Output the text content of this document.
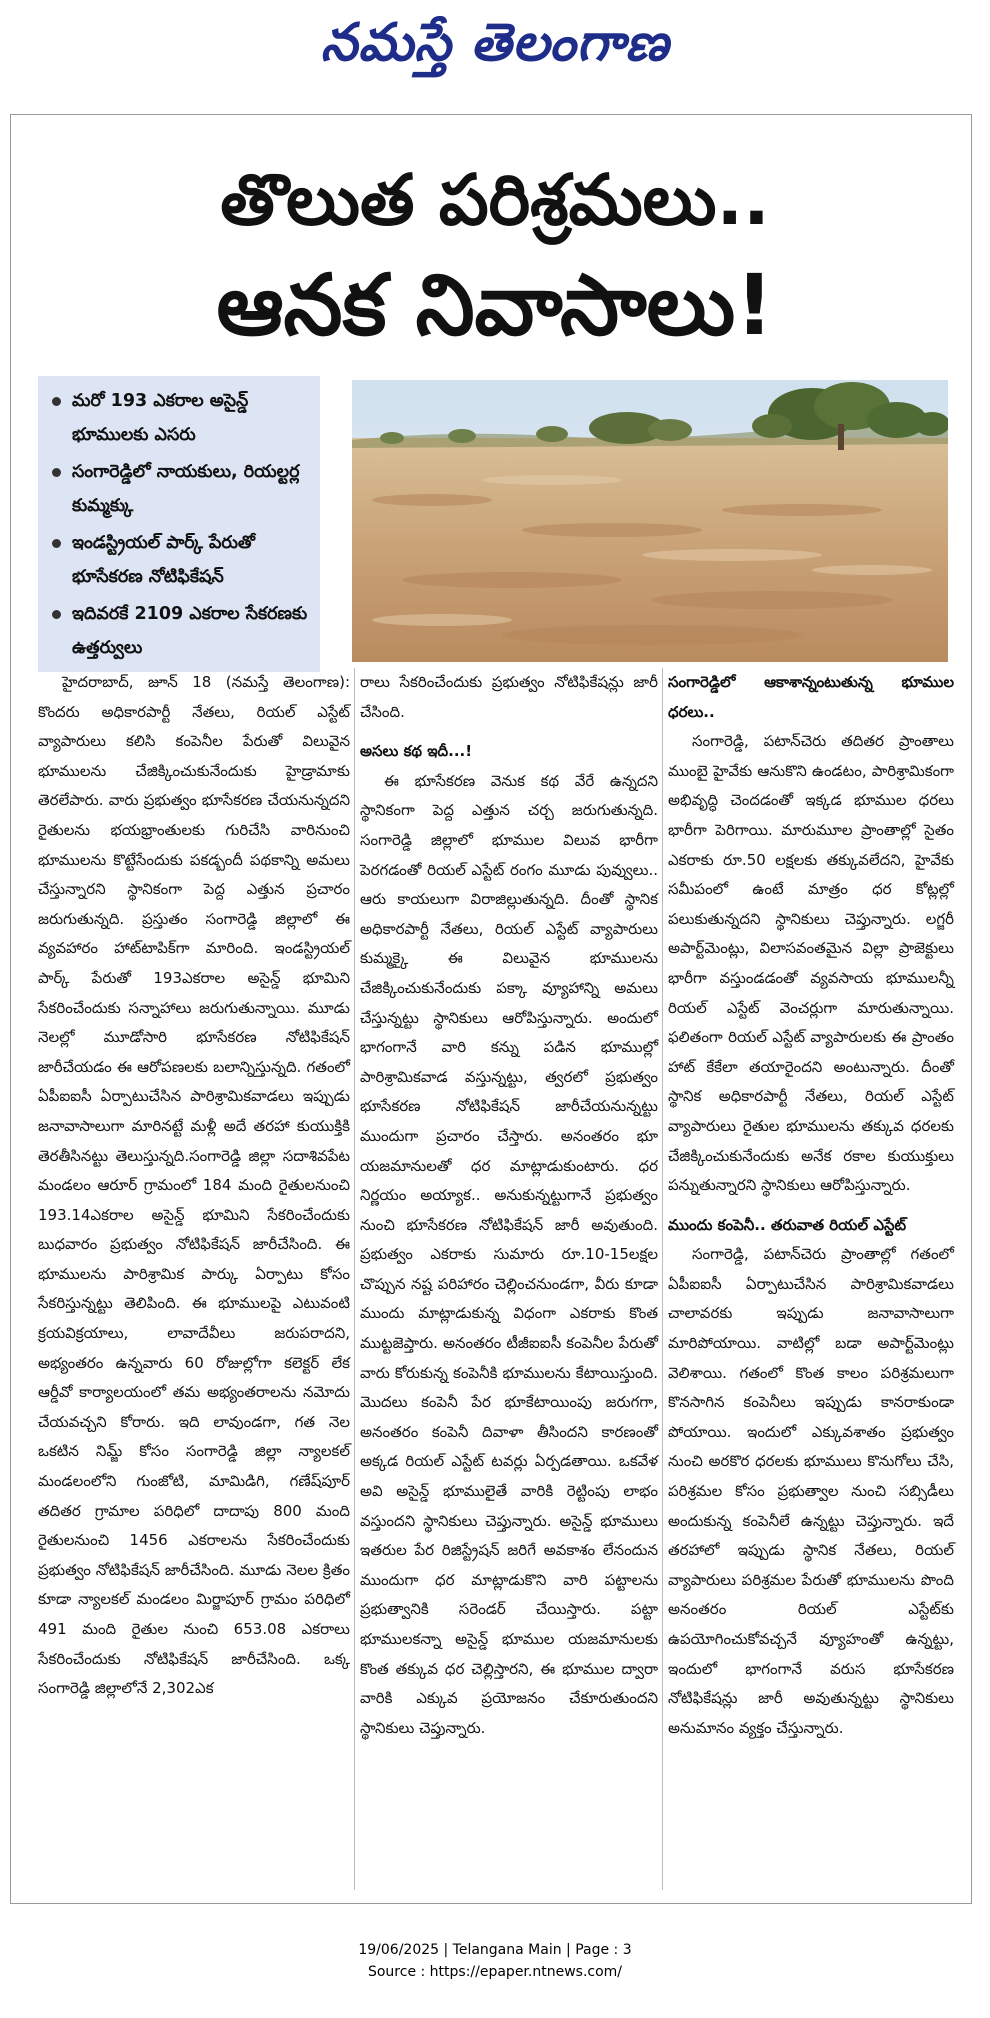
నమస్తే తెలంగాణ
తొలుత పరిశ్రమలు..
ఆనక నివాసాలు!
మరో 193 ఎకరాల అసైన్డ్ భూములకు ఎసరు
సంగారెడ్డిలో నాయకులు, రియల్టర్ల కుమ్మక్కు
ఇండస్ట్రియల్ పార్క్ పేరుతో భూసేకరణ నోటిఫికేషన్
ఇదివరకే 2109 ఎకరాల సేకరణకు ఉత్తర్వులు

హైదరాబాద్, జూన్ 18 (నమస్తే తెలంగాణ): కొందరు అధికారపార్టీ నేతలు, రియల్ ఎస్టేట్ వ్యాపారులు కలిసి కంపెనీల పేరుతో విలువైన భూములను చేజిక్కించుకునేందుకు హైడ్రామాకు తెరలేపారు. వారు ప్రభుత్వం భూసేకరణ చేయనున్నదని రైతులను భయభ్రాంతులకు గురిచేసి వారినుంచి భూములను కొట్టేసేందుకు పకడ్బందీ పథకాన్ని అమలు చేస్తున్నారని స్థానికంగా పెద్ద ఎత్తున ప్రచారం జరుగుతున్నది. ప్రస్తుతం సంగారెడ్డి జిల్లాలో ఈ వ్యవహారం హాట్‌టాపిక్‌గా మారింది. ఇండస్ట్రియల్ పార్క్ పేరుతో 193ఎకరాల అసైన్డ్ భూమిని సేకరించేందుకు సన్నాహాలు జరుగుతున్నాయి. మూడు నెలల్లో మూడోసారి భూసేకరణ నోటిఫికేషన్ జారీచేయడం ఈ ఆరోపణలకు బలాన్నిస్తున్నది. గతంలో ఏపీఐఐసీ ఏర్పాటుచేసిన పారిశ్రామికవాడలు ఇప్పుడు జనావాసాలుగా మారినట్టే మళ్లీ అదే తరహా కుయుక్తికి తెరతీసినట్టు తెలుస్తున్నది.సంగారెడ్డి జిల్లా సదాశివపేట మండలం ఆరూర్ గ్రామంలో 184 మంది రైతులనుంచి 193.14ఎకరాల అసైన్డ్ భూమిని సేకరించేందుకు బుధవారం ప్రభుత్వం నోటిఫికేషన్ జారీచేసింది. ఈ భూములను పారిశ్రామిక పార్కు ఏర్పాటు కోసం సేకరిస్తున్నట్టు తెలిపింది. ఈ భూములపై ఎటువంటి క్రయవిక్రయాలు, లావాదేవీలు జరుపరాదని, అభ్యంతరం ఉన్నవారు 60 రోజుల్లోగా కలెక్టర్ లేక ఆర్డీవో కార్యాలయంలో తమ అభ్యంతరాలను నమోదు చేయవచ్చని కోరారు. ఇది లావుండగా, గత నెల ఒకటిన నిమ్జ్ కోసం సంగారెడ్డి జిల్లా న్యాలకల్ మండలంలోని గుంజోటి, మామిడిగి, గణేష్‌పూర్ తదితర గ్రామాల పరిధిలో దాదాపు 800 మంది రైతులనుంచి 1456 ఎకరాలను సేకరించేందుకు ప్రభుత్వం నోటిఫికేషన్ జారీచేసింది. మూడు నెలల క్రితం కూడా న్యాలకల్ మండలం మిర్జాపూర్ గ్రామం పరిధిలో 491 మంది రైతుల నుంచి 653.08 ఎకరాలు సేకరించేందుకు నోటిఫికేషన్ జారీచేసింది. ఒక్క సంగారెడ్డి జిల్లాలోనే 2,302ఎక

రాలు సేకరించేందుకు ప్రభుత్వం నోటిఫికేషన్లు జారీ చేసింది.

అసలు కథ ఇదీ...!

ఈ భూసేకరణ వెనుక కథ వేరే ఉన్నదని స్థానికంగా పెద్ద ఎత్తున చర్చ జరుగుతున్నది. సంగారెడ్డి జిల్లాలో భూముల విలువ భారీగా పెరగడంతో రియల్ ఎస్టేట్ రంగం మూడు పువ్వులు.. ఆరు కాయలుగా విరాజిల్లుతున్నది. దీంతో స్థానిక అధికారపార్టీ నేతలు, రియల్ ఎస్టేట్ వ్యాపారులు కుమ్మక్కై ఈ విలువైన భూములను చేజిక్కించుకునేందుకు పక్కా వ్యూహాన్ని అమలు చేస్తున్నట్టు స్థానికులు ఆరోపిస్తున్నారు. అందులో భాగంగానే వారి కన్ను పడిన భూముల్లో పారిశ్రామికవాడ వస్తున్నట్టు, త్వరలో ప్రభుత్వం భూసేకరణ నోటిఫికేషన్ జారీచేయనున్నట్టు ముందుగా ప్రచారం చేస్తారు. అనంతరం భూ యజమానులతో ధర మాట్లాడుకుంటారు. ధర నిర్ణయం అయ్యాక.. అనుకున్నట్టుగానే ప్రభుత్వం నుంచి భూసేకరణ నోటిఫికేషన్ జారీ అవుతుంది. ప్రభుత్వం ఎకరాకు సుమారు రూ.10-15లక్షల చొప్పున నష్ట పరిహారం చెల్లించనుండగా, వీరు కూడా ముందు మాట్లాడుకున్న విధంగా ఎకరాకు కొంత ముట్టజెప్తారు. అనంతరం టీజీఐఐసీ కంపెనీల పేరుతో వారు కోరుకున్న కంపెనీకి భూములను కేటాయిస్తుంది. మొదలు కంపెనీ పేర భూకేటాయింపు జరుగగా, అనంతరం కంపెనీ దివాళా తీసిందని కారణంతో అక్కడ రియల్ ఎస్టేట్ టవర్లు ఏర్పడతాయి. ఒకవేళ అవి అసైన్డ్ భూములైతే వారికి రెట్టింపు లాభం వస్తుందని స్థానికులు చెప్తున్నారు. అసైన్డ్ భూములు ఇతరుల పేర రిజిస్ట్రేషన్ జరిగే అవకాశం లేనందున ముందుగా ధర మాట్లాడుకొని వారి పట్టాలను ప్రభుత్వానికి సరెండర్ చేయిస్తారు. పట్టా భూములకన్నా అసైన్డ్ భూముల యజమానులకు కొంత తక్కువ ధర చెల్లిస్తారని, ఈ భూముల ద్వారా వారికి ఎక్కువ ప్రయోజనం చేకూరుతుందని స్థానికులు చెప్తున్నారు.

సంగారెడ్డిలో ఆకాశాన్నంటుతున్న భూముల ధరలు..

సంగారెడ్డి, పటాన్‌చెరు తదితర ప్రాంతాలు ముంబై హైవేకు ఆనుకొని ఉండటం, పారిశ్రామికంగా అభివృద్ధి చెందడంతో ఇక్కడ భూముల ధరలు భారీగా పెరిగాయి. మారుమూల ప్రాంతాల్లో సైతం ఎకరాకు రూ.50 లక్షలకు తక్కువలేదని, హైవేకు సమీపంలో ఉంటే మాత్రం ధర కోట్లల్లో పలుకుతున్నదని స్థానికులు చెప్తున్నారు. లగ్జరీ అపార్ట్‌మెంట్లు, విలాసవంతమైన విల్లా ప్రాజెక్టులు భారీగా వస్తుండడంతో వ్యవసాయ భూములన్నీ రియల్ ఎస్టేట్ వెంచర్లుగా మారుతున్నాయి. ఫలితంగా రియల్ ఎస్టేట్ వ్యాపారులకు ఈ ప్రాంతం హాట్ కేకేలా తయారైందని అంటున్నారు. దీంతో స్థానిక అధికారపార్టీ నేతలు, రియల్ ఎస్టేట్ వ్యాపారులు రైతుల భూములను తక్కువ ధరలకు చేజిక్కించుకునేందుకు అనేక రకాల కుయుక్తులు పన్నుతున్నారని స్థానికులు ఆరోపిస్తున్నారు.

ముందు కంపెనీ.. తరువాత రియల్ ఎస్టేట్

సంగారెడ్డి, పటాన్‌చెరు ప్రాంతాల్లో గతంలో ఏపీఐఐసీ ఏర్పాటుచేసిన పారిశ్రామికవాడలు చాలావరకు ఇప్పుడు జనావాసాలుగా మారిపోయాయి. వాటిల్లో బడా అపార్ట్‌మెంట్లు వెలిశాయి. గతంలో కొంత కాలం పరిశ్రమలుగా కొనసాగిన కంపెనీలు ఇప్పుడు కానరాకుండా పోయాయి. ఇందులో ఎక్కువశాతం ప్రభుత్వం నుంచి అరకొర ధరలకు భూములు కొనుగోలు చేసి, పరిశ్రమల కోసం ప్రభుత్వాల నుంచి సబ్సిడీలు అందుకున్న కంపెనీలే ఉన్నట్టు చెప్తున్నారు. ఇదే తరహాలో ఇప్పుడు స్థానిక నేతలు, రియల్ వ్యాపారులు పరిశ్రమల పేరుతో భూములను పొంది అనంతరం రియల్ ఎస్టేట్‌కు ఉపయోగించుకోవచ్చనే వ్యూహంతో ఉన్నట్టు, ఇందులో భాగంగానే వరుస భూసేకరణ నోటిఫికేషన్లు జారీ అవుతున్నట్టు స్థానికులు అనుమానం వ్యక్తం చేస్తున్నారు.

19/06/2025 | Telangana Main | Page : 3
Source : https://epaper.ntnews.com/
